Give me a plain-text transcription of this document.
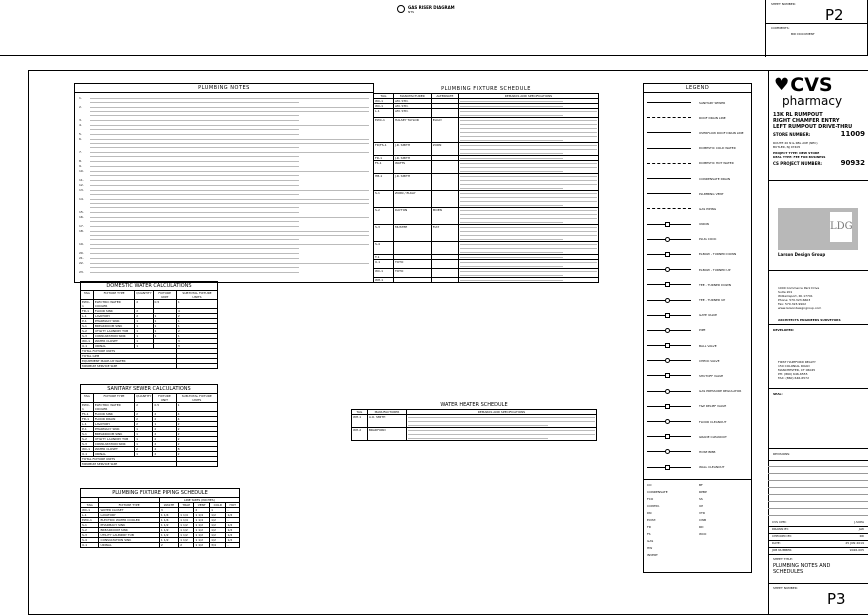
GAS RISER DIAGRAM
NTS
SHEET NUMBER:
P2
COMMENTS:
BID DOCUMENT
PLUMBING NOTES
1.
2.
3.
4.
5.
6.
7.
8.
9.
10.
11.
12.
13.
14.
15.
16.
17.
18.
19.
20.
21.
22.
23.
DOMESTIC WATER CALCULATIONS
TAG	FIXTURE TYPE	QUANTITY	FIXTURE UNIT	SUBTOTAL FIXTURE UNITS
EWC-1	ELECTRIC WATER COOLER	2	0.5	1
FD-1	FLOOR SINK	2		4
L-1	LAVATORY	2	1	2
P-1	PHARMACY SINK	1	1	1
S-1	BREAKROOM SINK	1	1	1
S-2	UTILITY LAUNDRY TUB	1	1	2
S-3	CONSULTATION SINK	1	1	1
WC-1	WATER CLOSET	1		3
U-1	URINAL	1		3
TOTAL FIXTURE UNITS				
TOTAL GPM				
EQUIPMENT MAKE-UP WATER				
MINIMUM SERVICE SIZE				
SANITARY SEWER CALCULATIONS
TAG	FIXTURE TYPE	QUANTITY	FIXTURE UNIT	SUB-TOTAL FIXTURE UNITS
EWC-1	ELECTRIC WATER COOLER	2	0.5	1
FS-1	FLOOR SINK	2	2	4
FD-1	FLOOR DRAIN	2	2	4
L-1	LAVATORY	2	1	2
P-1	PHARMACY SINK	1	2	2
S-1	BREAKROOM SINK	1	2	2
S-2	UTILITY LAUNDRY TUB	1	2	2
S-3	CONSULTATION SINK	1	2	2
WC-1	WATER CLOSET	2	4	8
U-1	URINAL	1	2	2
TOTAL FIXTURE UNITS				
MINIMUM SERVICE SIZE				
PLUMBING FIXTURE PIPING SCHEDULE
		LINE SIZES (INCHES)				
TAG	FIXTURE TYPE	WASTE	TRAP	VENT	COLD	HOT
WC-1	WATER CLOSET	3		2	1	-
L-1	LAVATORY	1 1/4	1 1/4	1 1/4	1/2	1/2
EWC-1	ELECTRIC WATER COOLER	1 1/4	1 1/4	1 1/4	1/2	-
S-1	PHARMACY SINK	1 1/2	1 1/2	1 1/2	1/2	1/2
S-2	BREAKROOM SINK	1 1/2	1 1/2	1 1/2	1/2	1/2
S-3	UTILITY LAUNDRY TUB	1 1/2	1 1/2	1 1/2	1/2	1/2
S-4	CONSULTATION SINK	1 1/2	1 1/2	1 1/2	1/2	1/2
U-1	URINAL	2	2	1 1/2	3/4	-
PLUMBING FIXTURE SCHEDULE
TAG	MANUFACTURER	ALTERNATE	REMARKS AND SPECIFICATIONS
WC-1	AM. STD.		

WC-1	AM. STD.		

L-1	AM. STD.		

EWC-1	HALSEY TAYLOR	ELKAY	

FD/FS-1	J.R. SMITH	ZURN	

FD-1	J.R. SMITH		

FS-1	WATTS		

HB-1	J.R. SMITH		

S-1	ZURN / ELKAY		

S-2	DAYTON	MOEN	

S-3	MUSTEE	FIAT	

S-4			

T-1			

U-1	TOTO		

WC-1	TOTO		

WH-1			
WATER HEATER SCHEDULE
TAG	MANUFACTURER	REMARKS AND SPECIFICATIONS
WH-1	A.O. SMITH	

WH-2	BRADFORD	
LEGEND
SANITARY SEWER
ROOF DRAIN LINE
OVERFLOW ROOF DRAIN LINE
DOMESTIC COLD WATER
DOMESTIC HOT WATER
CONDENSATE DRAIN
PLUMBING VENT
GAS PIPING
UNION
PLUG COCK
ELBOW - TURNED DOWN
ELBOW - TURNED UP
TEE - TURNED DOWN
TEE - TURNED UP
GATE VALVE
PIPE
BALL VALVE
CHECK VALVE
SHUTOFF VALVE
GAS PRESSURE REGULATOR
T&P RELIEF VALVE
FLOOR CLEANOUT
GRADE CLEANOUT
HOSE BIBB
WALL CLEANOUT
CO
CONDENSATE
FCO
CONTIN.
DN
EXIST.
FD
FS
GAS
HW
INVERT
BF
RPBP
SS
UP
VTR
CWB
RD
WCO
♥ CVS
pharmacy
13K RL RUMPOUT
RIGHT CHAMFER ENTRY
LEFT RUMPOUT DRIVE-THRU
STORE NUMBER:	11009
ROUTE 20 N & KBL AVE (NEC)
BUTLER, NJ 07405
PROJECT TYPE: NEW STORE
DEAL TYPE: FEE FOR BUSINESS
CS PROJECT NUMBER:	90932
LDG
Larson Design Group
1000 Commerce Park Drive
Suite 201
Williamsport, PA 17701
Phone: 570.323.6603
Fax: 570.323.9902
www.larsondesigngroup.com
ARCHITECTS ENGINEERS SURVEYORS
DEVELOPER:
FIRST HARTFORD REALTY
150 COLONIAL ROAD
MANCHESTER, CT 06045
PH: (860) 646-6555
FAX: (860) 646-6572
SEAL:
REVISIONS:
CVS CPM:	J.SOPA
DRAWN BY:	JLW
CHECKED BY:	RD
DATE:	25 JUN 2019
JOB NUMBER:	9026.005
SHEET TITLE:
PLUMBING NOTES AND SCHEDULES
SHEET NUMBER:
P3
